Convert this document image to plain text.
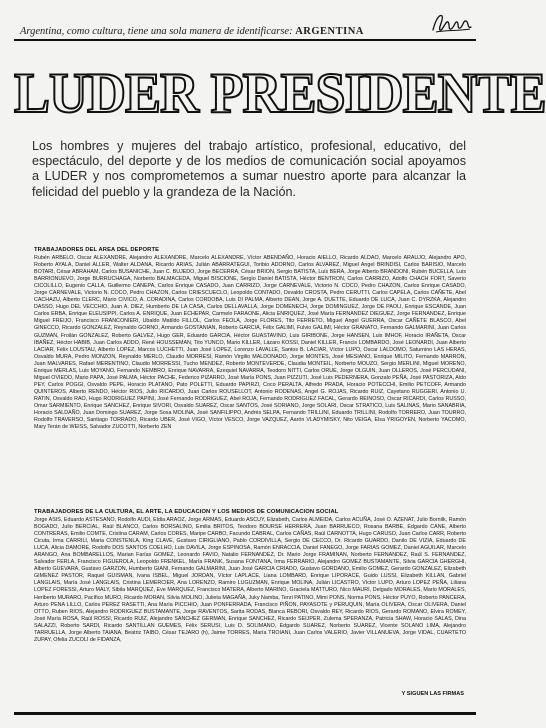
Argentina, como cultura, tiene una sola manera de identificarse: ARGENTINA
LUDER PRESIDENTE
Los hombres y mujeres del trabajo artístico, profesional, educativo, del espectáculo, del deporte y de los medios de comunicación social apoyamos a LUDER y nos comprometemos a sumar nuestro aporte para alcanzar la felicidad del pueblo y la grandeza de la Nación.
TRABAJADORES DEL AREA DEL DEPORTE
Rubén ARBELO, Oscar ALEXANDRE, Alejandro ALEXANDRE, Marcelo ALEXANDRE, Víctor ABENDAÑO, Horacio AIELLO, Ricardo ALDAO, Marcelo ARAUJO, Alejandro APO, Roberto AYALA, Daniel ALLER, Walter ALDANA, Ricardo ARIAS, Julián ABARRATEGUI, Toribio ADORNO, Carlos ALVAREZ, Miguel Angel BRINDISI, Carlos BARISIO, Marcelo BOTARI, César ABRAHAM, Carlos BUSANICHE, Juan C. BUJEDO, Jorge BECERRA, César BRION, Sergio BATISTA, Luis BERA, Jorge Alberto BRANDONI, Rubén BUCELLA, Luis BARRIONUEVO, Jorge BURRUCHAGA, Norberto BALMACEDA, Miguel BISCIONE, Sergio Daniel BATISTA, Héctor BENTRON, Carlos CARRIZO, Adolfo CHACH FORT, Saverio CICOLILLO, Eugenio CALLA, Guillermo CANEPA, Carlos Enrique CASADO, Juan CARRIZO, Jorge CARNEVALE, Victorio N. COCO, Pedro CHAZON, Carlos Enrique CASADO, Jorge CARNEVALE, Victorio N. COCO, Pedro CHAZON, Carlos CRIESCUECLO, Leopoldo CONTADO, Osvaldo CROSTA, Pedro CERUTTI, Carlos CAPELA, Carlos CAÑETE, Abel CACHAZU, Alberto CLERC, Mario CIVICO, A. CORADINA, Carlos CORDOBA, Luis DI PALMA, Alberto DEAN, Jorge A. DUETTE, Eduardo DE LUCA, Juan C. DYRZKA, Alejandro DASSO, Hugo DEL VECCHIO, Juan A. DIEZ, Humberto DE LA CASA, Carlos DELLAVALLA, Jorge DOMENECH, Jorge DOMINGUEZ, Jorge DE PAOLI, Enrique ESCANDE, Juan Carlos ERBA, Enrique ELEUSIPPI, Carlos A. ENRIQUE, Juan ECHEPAR, Carmelo FARAONE, Alicia ENRIQUEZ, José María FERNANDEZ DIEGUEZ, Jorge FERNANDEZ, Enrique Miguel FREIJO, Francisco FRANCONIERI, Ubaldo Matildo FILLOL, Carlos FEOLA, Jorge FLORES, Tito FERRETO, Miguel Angel GUERRA, Oscar CAÑETE BLASCO, Abel GINECCO, Ricardo GONZALEZ, Reynaldo GORNO, Armando GOSTANIAN, Roberto GARCIA, Félix GALIMI, Fulvio GALIMI, Héctor GRANATO, Fernando GALMARINI, Juan Carlos GUZMAN, Froilán GONZALEZ, Roberto GALVEZ, Hugo GER, Eduardo GARCIA, Héctor GUASTAVINO, Luis GIRIBONE, Jorge HANSEN, Luis IMHOF, Horacio IRAÑETA, Oscar IBAÑEZ, Héctor HABIB, Juan Carlos ADDO, René HOUSSEMAN, Tito YUNCO, Mario KILLER, Lázaro KOSSI, Daniel KILLER, Francis LOMBARDO, José LEONARDI, Juan Alberto LACIAR, Félix LOUSTAU, Alberto LOPEZ, Marcos LUCHETTI, Juan José LOPEZ, Lorenzo LAVALLE, Santos B. LACIAR, Víctor LUPO, Oscar LALDOMO, Saturnino LAS HERAS, Osvaldo MURA, Pedro MONZON, Reynaldo MERLO, Claudio MORRESI, Ramón Virgilio MALDONADO, Jorge MONTES, José MESIANO, Enrique MILITO, Fernando MARRON, Juan MALVARES, Rafael MERENTINO, Claudio MORRESSI, Tucho MENDEZ, Roberto MONTEVERDE, Claudia MONTEIL, Norberto MOUZO, Sergio MERLINI, Miguel MORENO, Enrique MERLAS, Luis MOYANO, Fernando NEMBRO, Enrique NAVARRA, Ezequiel NAVARRA, Teodoro NITTI, Carlos ORUE, Jorge OLGUIN, Juan OLLEROS, José PERCUDANI, Miguel OVIEDO, Mario PAPA, José PALMA, Héctor PACHE, Federico PIZARRO, José María PONS, Juan PIZZUTI, José Luis PEDERNERA, Gonzalo PEÑA, José PASTORIZA, Aldo PEY, Carlos POGGI, Osvaldo PEPE, Horacio PLATANO, Pato POLETTI, Eduardo PAPIRZI, Coco PERALTA, Alfredo PRADA, Horacio POTECCHI, Emilio PETCOFF, Armando QUINTEROS, Alberto RENDO, Héctor RIOS, Julio RICARDO, Juan Carlos ROUSELLOT, Antonio RODENAS, Angel G. ROJAS, Ricardo RUIZ, Cayetano RUGGERI, Antonio U. RATIN, Osvaldo RAO, Hugo RODRIGUEZ PAPINI, José Fernando RODRIGUEZ, Abel ROJA, Fernando RODRIGUEZ FACAL, Gerardo REINOSO, Oscar RICARDI, Carlos RUSSO, Omar SARMIENTO, Enrique SANCHEZ, Enrique SIVORI, Osvaldo SUAREZ, Oscar SANTOS, José SORIANO, Jorge SOLARI, Oscar STRATICO, Luis SALINAS, Mario SANABRIA, Horacio SALDAÑO, Juan Domingo SUAREZ, Jorge Sosa MOLINA, José SANFILIPPO, Andrés SELPA, Fernando TRILLINI, Eduardo TRILLINI, Rodolfo TORRERO, Juan TOURRO, Rodolfo TRAVERSO, Santiago TORRADO, Ricardo UBER, José VIGO, Víctor VESCO, Jorge VAZQUEZ, Aarón VLADYMISKY, Nito VEIGA, Elsa YRIGOYEN, Norberto YACOMO, Mary Terán de WEISS, Salvador ZUCOTTI, Norberto ZEN
TRABAJADORES DE LA CULTURA, EL ARTE, LA EDUCACION Y LOS MEDIOS DE COMUNICACION SOCIAL
Jorge ASIS, Eduardo ASTESANO, Rodolfo AUDI, Eldia ARAOZ, Jorge ARMAS, Eduardo ASCUY, Elizabeth, Carlos ALMEIDA, Carlos ACUÑA, José O. AZENAT, Julio Bornilk, Ramón BOGADO, Julio BERCIAL, Raúl BLANCO, Carlos BORSALINO, Emilia BRITOS, Teodoro BOURSE HERRERA, Juan BARRUECO, Rosana BARBE, Edgardo CANE, Alberto CONTRERAS, Emilio COMTE, Cristina CARAM, Carlos CORES, Maripe CARBO, Facundo CABRAL, Carlos CAÑAS, Raúl CARNOTTA, Hugo CARUSO, Juan Carlos CARR, Roberto Cicuta, Irma CARRILI, Maria CONSTENLA, King CLAVE, Gustavo CIRIGLIANO, Pablo CORDIVILLA, Sergio DE CECCO, Dr. Ricardo GUARDO, Danilo DE VIZIA, Eduardo DE LUCA, Alicia DAMORE, Rodolfo DOS SANTOS COELHO, Luis DAVILA, Jorge ESPINOSA, Ramón ENRACCIA, Daniel FANEGO, Jorge FARIAS GOMEZ, Daniel AGUILAR, Marcelo ARANGO, Ana BOMBARELLOS, Marian Farías GOMEZ, Leonardo FAVIO, Natalio FERNANDEZ, Dr. Mario Jorge FRAMINAN, Norberto FERNANDEZ, Raúl S. FERNANDEZ, Salvador FERLA, Francisco FIGUEROLA, Leopoldo FRENKEL, María FRANK, Susana FONTANA, Irma FERRARIO, Alejandro GOMEZ BUSTAMANTE, Silvia GARCIA GHERGHI, Alberto GUEVARA, Gustavo GARZON, Humberto GIANI, Fernando GALMARINI, Juan José GARCIA CRIADO, Gustavo GORDANO, Emilio GOMEZ, Gerardo GONZALEZ, Elizabeth GIMENEZ PASTOR, Raquel GUISMAN, Ivana ISBEL, Miguel JORDAN, Víctor LAPLACE, Liana LOMBARD, Enrique LIPORACE, Guido LUSSI, Elizabeth KILLAN, Gabriel LANGLAIS, María José LANGLAIS, Cristina LEMERCIER, Ana LORENZO, Ramiro LUGUZMAN, Enrique MOLINA, Julián LICASTRO, Víctor LUPO, Arturo LOPEZ PEÑA, Liliana LOPEZ FORESSI, Arturo MALY, Sibila MARQUEZ, Eve MARQUEZ, Francisco MATERA, Alberto MARINO, Graciela MATTURO, Nico MAURI, Delgado MORALES, Mario MORALES, Heriberto MURARO, Pacífico MURO, Ricardo MORAN, Silvia MOLINO, Julieta MAGAÑA, Juky Namba, Tenri PATINO, Mimi PONS, Norma PONS, Héctor PUYO, Roberto PANCERA, Arturo PENA LILLO, Carlos PEREZ RASETTI, Ana María PICCHIO, Juan PONFERRADA, Francisco PIÑON, PAYASOTE y PERUQUIN, María OLIVERA, Oscar OLIVERA, Daniel OTTO, Ruben RIOS, Alejandro RODRIGUEZ BUSTAMANTE, Jorge RAVENTOS, Sarita RODAS, Blanca REBORI, Osvaldo REY, Ricardo RIOS, Gerardo ROMANO, Elvira ROMEY, José María ROSA, Raúl ROSSI, Ricardo RUIZ, Alejandro SANCHEZ GERMAN, Enrique SANCHEZ, Ricardo SEIJPER, Zulema SPERANZA, Patricia SHAW, Horacio SALAS, Dina SALAZZI, Roberto SARDI, Ricardo SANTILLAN GUEMES, Félix SERUSI, Luis D. SOLIMANO, Edgardo SUAREZ, Norberto SUAREZ, Vicente SOLANO LIMA, Alejandro TARRUELLA, Jorge Alberto TAIANA, Beatriz TAIBO, César TEJARO (h), Jaime TORRES, María TROIANI, Juan Carlos VALERIO, Javier VILLANUEVA, Jorge VIDAL, CUARTETO ZUPAY, Ofelia ZUCOLI de FIDANZA,
Y SIGUEN LAS FIRMAS
